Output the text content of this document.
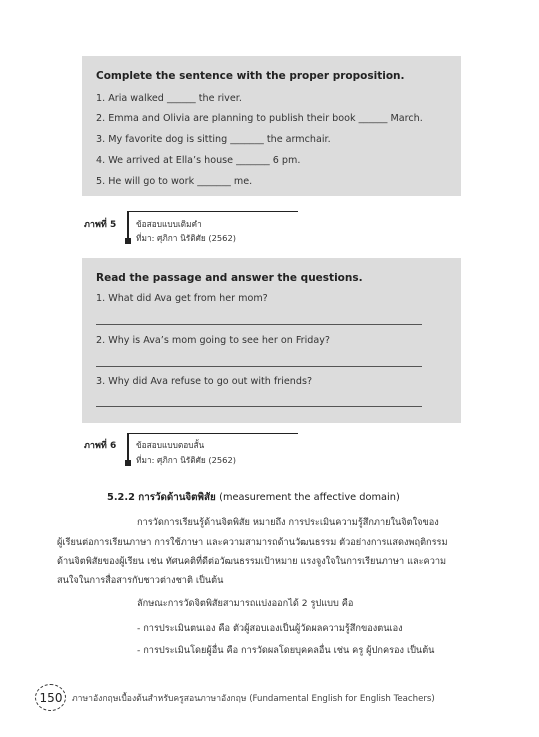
Complete the sentence with the proper proposition.
1. Aria walked ______ the river.
2. Emma and Olivia are planning to publish their book ______ March.
3. My favorite dog is sitting _______ the armchair.
4. We arrived at Ella’s house _______ 6 pm.
5. He will go to work _______ me.
ภาพที่ 5 ข้อสอบแบบเติมคำ
ที่มา: ศุภิกา นิรัติศัย (2562)
Read the passage and answer the questions.
1. What did Ava get from her mom?
2. Why is Ava’s mom going to see her on Friday?
3. Why did Ava refuse to go out with friends?
ภาพที่ 6 ข้อสอบแบบตอบสั้น
ที่มา: ศุภิกา นิรัติศัย (2562)
5.2.2 การวัดด้านจิตพิสัย (measurement the affective domain)
การวัดการเรียนรู้ด้านจิตพิสัย หมายถึง การประเมินความรู้สึกภายในจิตใจของ
ผู้เรียนต่อการเรียนภาษา การใช้ภาษา และความสามารถด้านวัฒนธรรม ตัวอย่างการแสดงพฤติกรรม
ด้านจิตพิสัยของผู้เรียน เช่น ทัศนคติที่ดีต่อวัฒนธรรมเป้าหมาย แรงจูงใจในการเรียนภาษา และความ
สนใจในการสื่อสารกับชาวต่างชาติ เป็นต้น
ลักษณะการวัดจิตพิสัยสามารถแบ่งออกได้ 2 รูปแบบ คือ
- การประเมินตนเอง คือ ตัวผู้สอบเองเป็นผู้วัดผลความรู้สึกของตนเอง
- การประเมินโดยผู้อื่น คือ การวัดผลโดยบุคคลอื่น เช่น ครู ผู้ปกครอง เป็นต้น
150	ภาษาอังกฤษเบื้องต้นสำหรับครูสอนภาษาอังกฤษ (Fundamental English for English Teachers)
